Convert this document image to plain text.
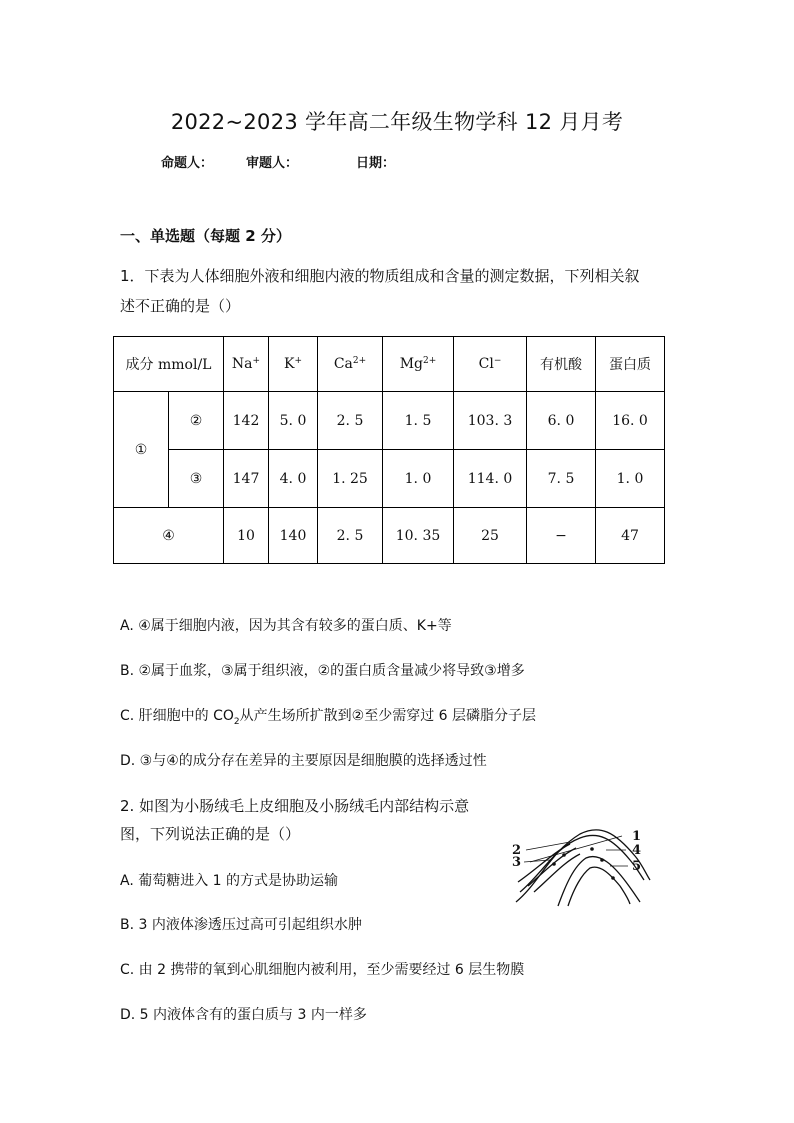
2022~2023 学年高二年级生物学科 12 月月考
命题人：	审题人：	日期：
一、单选题（每题 2 分）
1．下表为人体细胞外液和细胞内液的物质组成和含量的测定数据，下列相关叙
述不正确的是（）
成分 mmol/L		Na+	K+	$Ca^{2+}$	$Mg^{2+}$	Cl−	有机酸	蛋白质
①	②	142	5. 0	2. 5	1. 5	103. 3	6. 0	16. 0
	③	147	4. 0	1. 25	1. 0	114. 0	7. 5	1. 0
④		10	140	2. 5	10. 35	25	−	47
A. ④属于细胞内液，因为其含有较多的蛋白质、K+等
B. ②属于血浆，③属于组织液，②的蛋白质含量减少将导致③增多
C. 肝细胞中的 $CO_2$从产生场所扩散到②至少需穿过 6 层磷脂分子层
D. ③与④的成分存在差异的主要原因是细胞膜的选择透过性
2. 如图为小肠绒毛上皮细胞及小肠绒毛内部结构示意
图，下列说法正确的是（）	1
2
3
4
5
A. 葡萄糖进入 1 的方式是协助运输
B. 3 内液体渗透压过高可引起组织水肿
C. 由 2 携带的氧到心肌细胞内被利用，至少需要经过 6 层生物膜
D. 5 内液体含有的蛋白质与 3 内一样多
